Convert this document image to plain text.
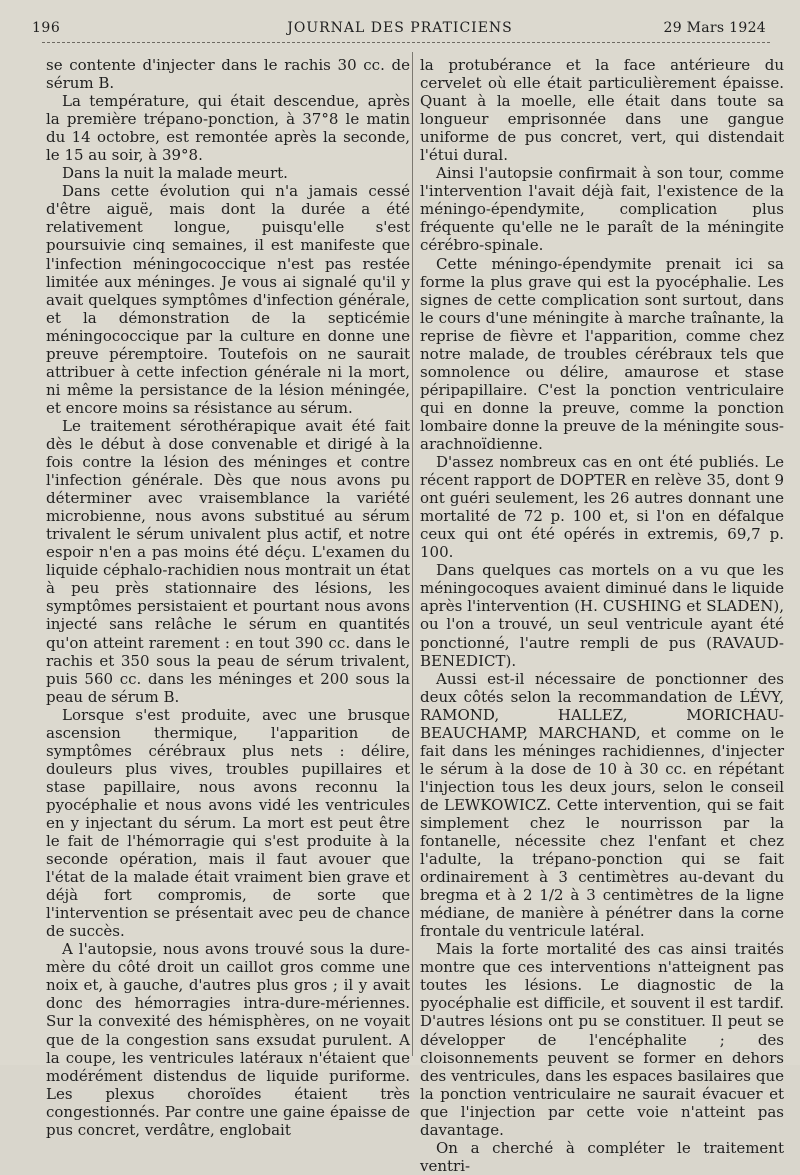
196	JOURNAL DES PRATICIENS	29 Mars 1924

se contente d'injecter dans le rachis 30 cc. de sérum B.

La température, qui était descendue, après la première trépano-ponction, à 37°8 le matin du 14 octobre, est remontée après la seconde, le 15 au soir, à 39°8.

Dans la nuit la malade meurt.

Dans cette évolution qui n'a jamais cessé d'être aiguë, mais dont la durée a été relativement longue, puisqu'elle s'est poursuivie cinq semaines, il est manifeste que l'infection méningococcique n'est pas restée limitée aux méninges. Je vous ai signalé qu'il y avait quelques symptômes d'infection générale, et la démonstration de la septicémie méningococcique par la culture en donne une preuve péremptoire. Toutefois on ne saurait attribuer à cette infection générale ni la mort, ni même la persistance de la lésion méningée, et encore moins sa résistance au sérum.

Le traitement sérothérapique avait été fait dès le début à dose convenable et dirigé à la fois contre la lésion des méninges et contre l'infection générale. Dès que nous avons pu déterminer avec vraisemblance la variété microbienne, nous avons substitué au sérum trivalent le sérum univalent plus actif, et notre espoir n'en a pas moins été déçu. L'examen du liquide céphalo-rachidien nous montrait un état à peu près stationnaire des lésions, les symptômes persistaient et pourtant nous avons injecté sans relâche le sérum en quantités qu'on atteint rarement : en tout 390 cc. dans le rachis et 350 sous la peau de sérum trivalent, puis 560 cc. dans les méninges et 200 sous la peau de sérum B.

Lorsque s'est produite, avec une brusque ascension thermique, l'apparition de symptômes cérébraux plus nets : délire, douleurs plus vives, troubles pupillaires et stase papillaire, nous avons reconnu la pyocéphalie et nous avons vidé les ventricules en y injectant du sérum. La mort est peut être le fait de l'hémorragie qui s'est produite à la seconde opération, mais il faut avouer que l'état de la malade était vraiment bien grave et déjà fort compromis, de sorte que l'intervention se présentait avec peu de chance de succès.

A l'autopsie, nous avons trouvé sous la dure-mère du côté droit un caillot gros comme une noix et, à gauche, d'autres plus gros ; il y avait donc des hémorragies intra-dure-mériennes. Sur la convexité des hémisphères, on ne voyait que de la congestion sans exsudat purulent. A la coupe, les ventricules latéraux n'étaient que modérément distendus de liquide puriforme. Les plexus choroïdes étaient très congestionnés. Par contre une gaine épaisse de pus concret, verdâtre, englobait

la protubérance et la face antérieure du cervelet où elle était particulièrement épaisse. Quant à la moelle, elle était dans toute sa longueur emprisonnée dans une gangue uniforme de pus concret, vert, qui distendait l'étui dural.

Ainsi l'autopsie confirmait à son tour, comme l'intervention l'avait déjà fait, l'existence de la méningo-épendymite, complication plus fréquente qu'elle ne le paraît de la méningite cérébro-spinale.

Cette méningo-épendymite prenait ici sa forme la plus grave qui est la pyocéphalie. Les signes de cette complication sont surtout, dans le cours d'une méningite à marche traînante, la reprise de fièvre et l'apparition, comme chez notre malade, de troubles cérébraux tels que somnolence ou délire, amaurose et stase péripapillaire. C'est la ponction ventriculaire qui en donne la preuve, comme la ponction lombaire donne la preuve de la méningite sous-arachnoïdienne.

D'assez nombreux cas en ont été publiés. Le récent rapport de DOPTER en relève 35, dont 9 ont guéri seulement, les 26 autres donnant une mortalité de 72 p. 100 et, si l'on en défalque ceux qui ont été opérés in extremis, 69,7 p. 100.

Dans quelques cas mortels on a vu que les méningocoques avaient diminué dans le liquide après l'intervention (H. CUSHING et SLADEN), ou l'on a trouvé, un seul ventricule ayant été ponctionné, l'autre rempli de pus (RAVAUD-BENEDICT).

Aussi est-il nécessaire de ponctionner des deux côtés selon la recommandation de LÉVY, RAMOND, HALLEZ, MORICHAU-BEAUCHAMP, MARCHAND, et comme on le fait dans les méninges rachidiennes, d'injecter le sérum à la dose de 10 à 30 cc. en répétant l'injection tous les deux jours, selon le conseil de LEWKOWICZ. Cette intervention, qui se fait simplement chez le nourrisson par la fontanelle, nécessite chez l'enfant et chez l'adulte, la trépano-ponction qui se fait ordinairement à 3 centimètres au-devant du bregma et à 2 1/2 à 3 centimètres de la ligne médiane, de manière à pénétrer dans la corne frontale du ventricule latéral.

Mais la forte mortalité des cas ainsi traités montre que ces interventions n'atteignent pas toutes les lésions. Le diagnostic de la pyocéphalie est difficile, et souvent il est tardif. D'autres lésions ont pu se constituer. Il peut se développer de l'encéphalite ; des cloisonnements peuvent se former en dehors des ventricules, dans les espaces basilaires que la ponction ventriculaire ne saurait évacuer et que l'injection par cette voie n'atteint pas davantage.

On a cherché à compléter le traitement ventri-
